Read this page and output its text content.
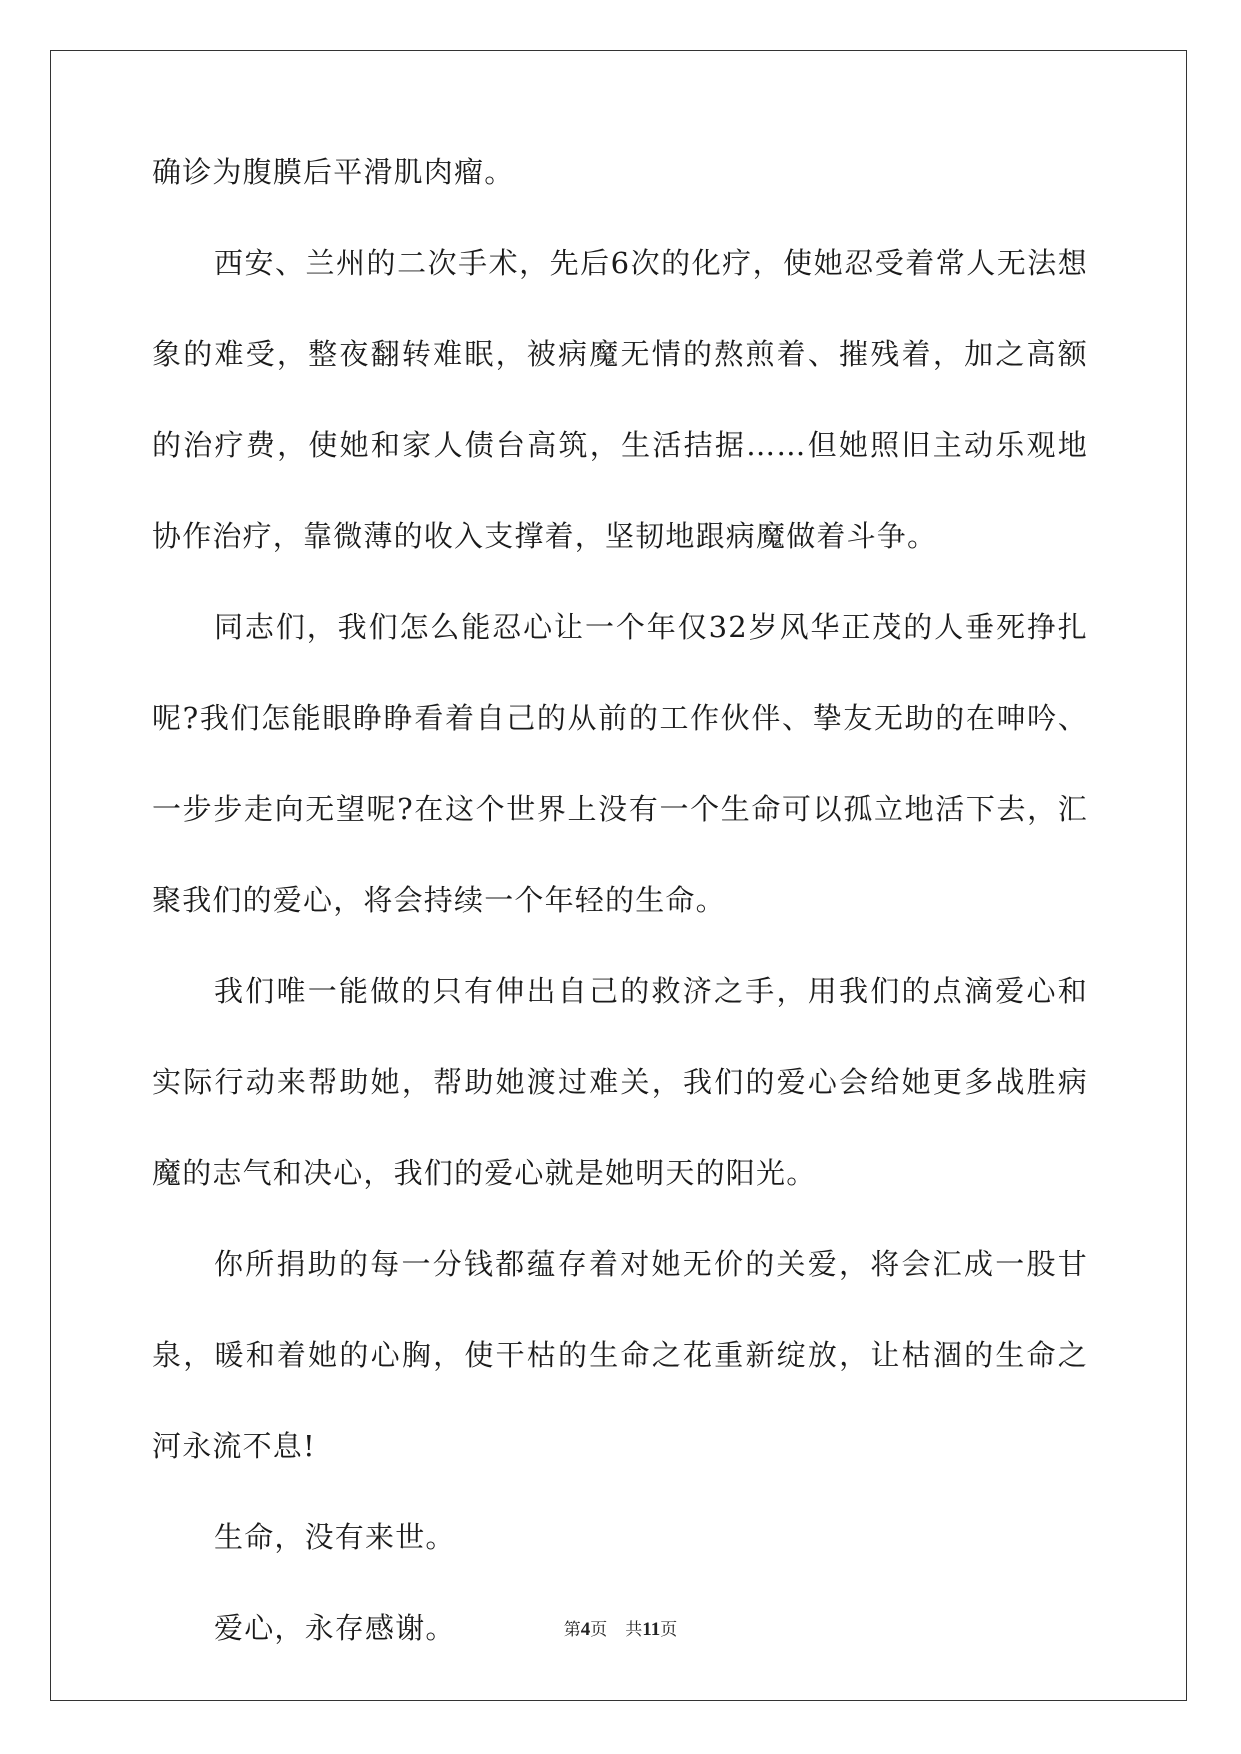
确诊为腹膜后平滑肌肉瘤。

西安、兰州的二次手术，先后6次的化疗，使她忍受着常人无法想象的难受，整夜翻转难眠，被病魔无情的熬煎着、摧残着，加之高额的治疗费，使她和家人债台高筑，生活拮据……但她照旧主动乐观地协作治疗，靠微薄的收入支撑着，坚韧地跟病魔做着斗争。

同志们，我们怎么能忍心让一个年仅32岁风华正茂的人垂死挣扎呢?我们怎能眼睁睁看着自己的从前的工作伙伴、挚友无助的在呻吟、一步步走向无望呢?在这个世界上没有一个生命可以孤立地活下去，汇聚我们的爱心，将会持续一个年轻的生命。

我们唯一能做的只有伸出自己的救济之手，用我们的点滴爱心和实际行动来帮助她，帮助她渡过难关，我们的爱心会给她更多战胜病魔的志气和决心，我们的爱心就是她明天的阳光。

你所捐助的每一分钱都蕴存着对她无价的关爱，将会汇成一股甘泉，暖和着她的心胸，使干枯的生命之花重新绽放，让枯涸的生命之河永流不息!

生命，没有来世。

爱心，永存感谢。	第4页 共11页
